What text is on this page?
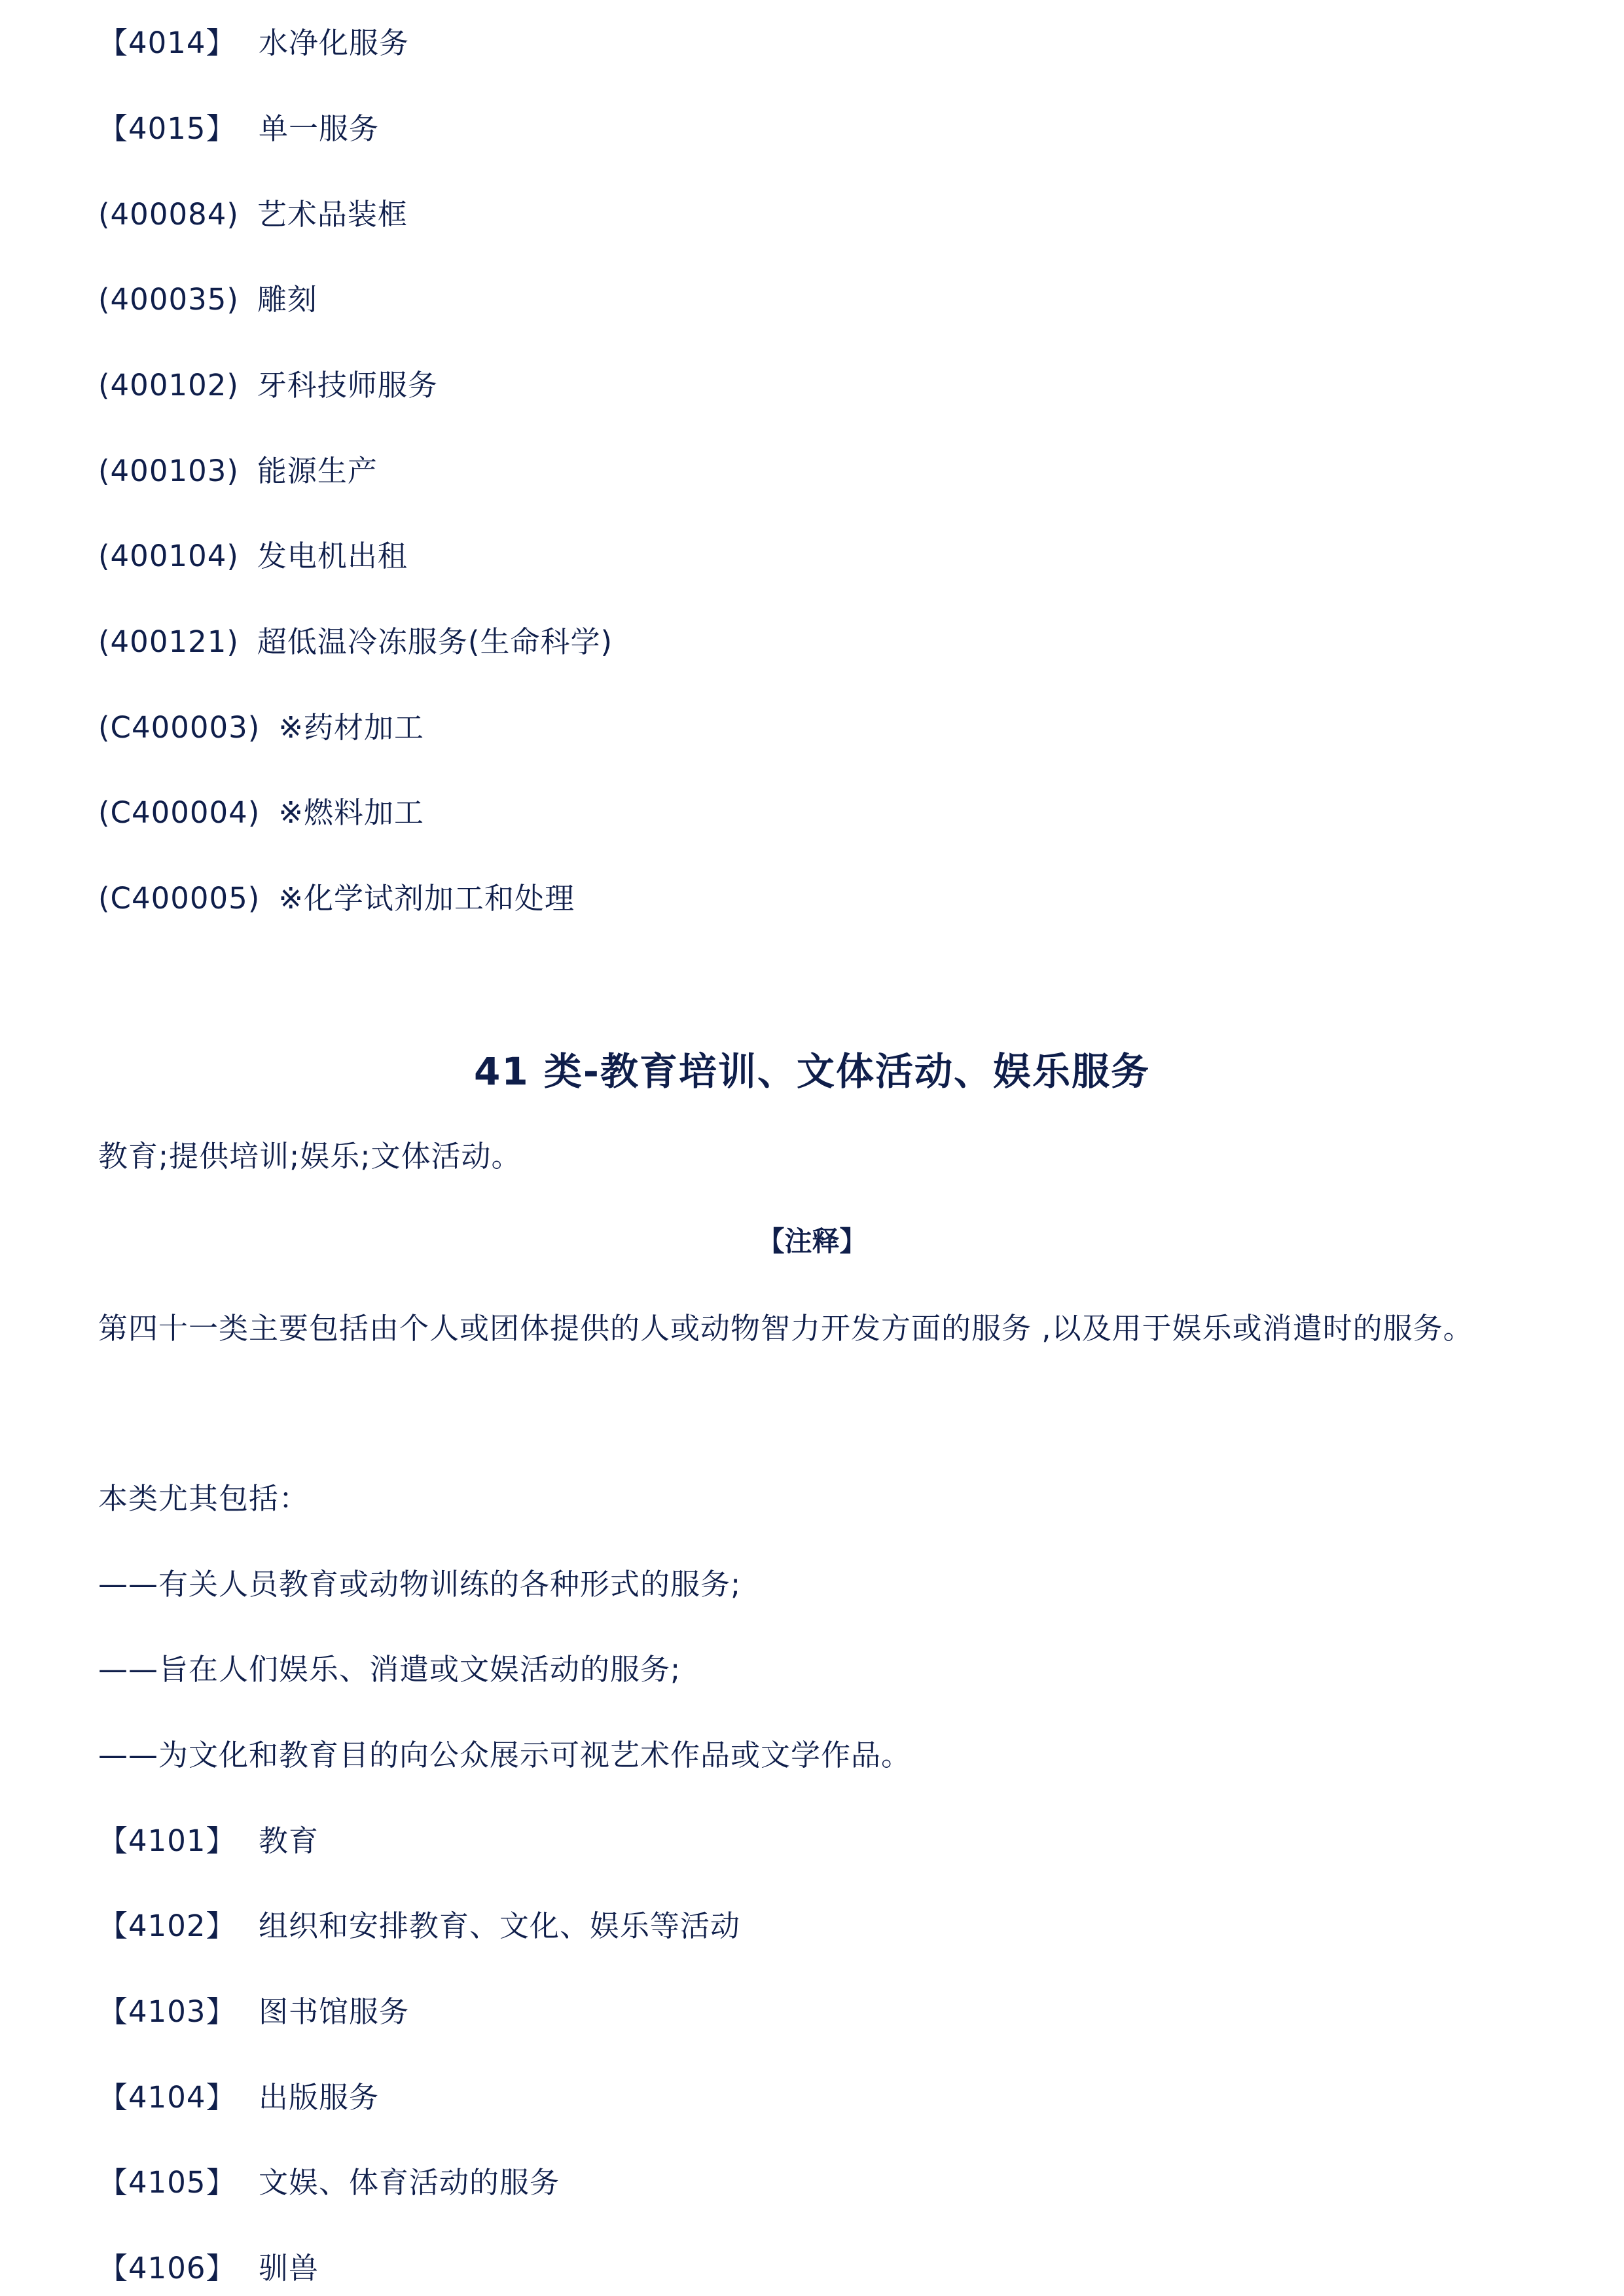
【4014】 水净化服务
【4015】 单一服务
(400084) 艺术品装框
(400035) 雕刻
(400102) 牙科技师服务
(400103) 能源生产
(400104) 发电机出租
(400121) 超低温冷冻服务(生命科学)
(C400003) ※药材加工
(C400004) ※燃料加工
(C400005) ※化学试剂加工和处理
41 类-教育培训、文体活动、娱乐服务
教育;提供培训;娱乐;文体活动。
【注释】
第四十一类主要包括由个人或团体提供的人或动物智力开发方面的服务 ,以及用于娱乐或消遣时的服务。
本类尤其包括：
——有关人员教育或动物训练的各种形式的服务;
——旨在人们娱乐、消遣或文娱活动的服务;
——为文化和教育目的向公众展示可视艺术作品或文学作品。
【4101】 教育
【4102】 组织和安排教育、文化、娱乐等活动
【4103】 图书馆服务
【4104】 出版服务
【4105】 文娱、体育活动的服务
【4106】 驯兽
